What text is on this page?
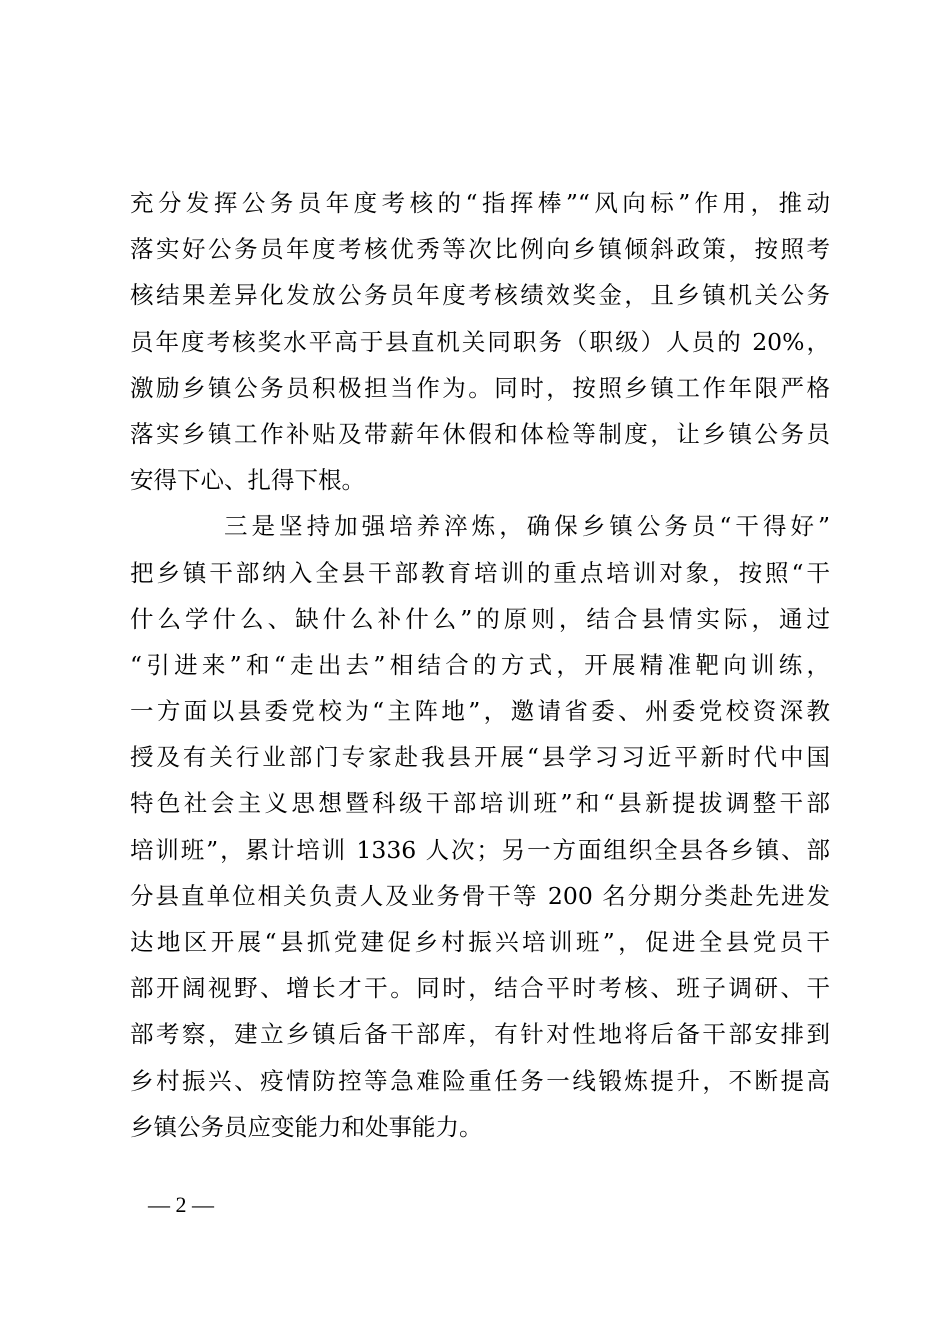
充分发挥公务员年度考核的“指挥棒”“风向标”作用，推动
落实好公务员年度考核优秀等次比例向乡镇倾斜政策，按照考
核结果差异化发放公务员年度考核绩效奖金，且乡镇机关公务
员年度考核奖水平高于县直机关同职务（职级）人员的 20%，
激励乡镇公务员积极担当作为。同时，按照乡镇工作年限严格
落实乡镇工作补贴及带薪年休假和体检等制度，让乡镇公务员
安得下心、扎得下根。
三是坚持加强培养淬炼，确保乡镇公务员“干得好”
把乡镇干部纳入全县干部教育培训的重点培训对象，按照“干
什么学什么、缺什么补什么”的原则，结合县情实际，通过
“引进来”和“走出去”相结合的方式，开展精准靶向训练，
一方面以县委党校为“主阵地”，邀请省委、州委党校资深教
授及有关行业部门专家赴我县开展“县学习习近平新时代中国
特色社会主义思想暨科级干部培训班”和“县新提拔调整干部
培训班”，累计培训 1336 人次；另一方面组织全县各乡镇、部
分县直单位相关负责人及业务骨干等 200 名分期分类赴先进发
达地区开展“县抓党建促乡村振兴培训班”，促进全县党员干
部开阔视野、增长才干。同时，结合平时考核、班子调研、干
部考察，建立乡镇后备干部库，有针对性地将后备干部安排到
乡村振兴、疫情防控等急难险重任务一线锻炼提升，不断提高
乡镇公务员应变能力和处事能力。
— 2 —
